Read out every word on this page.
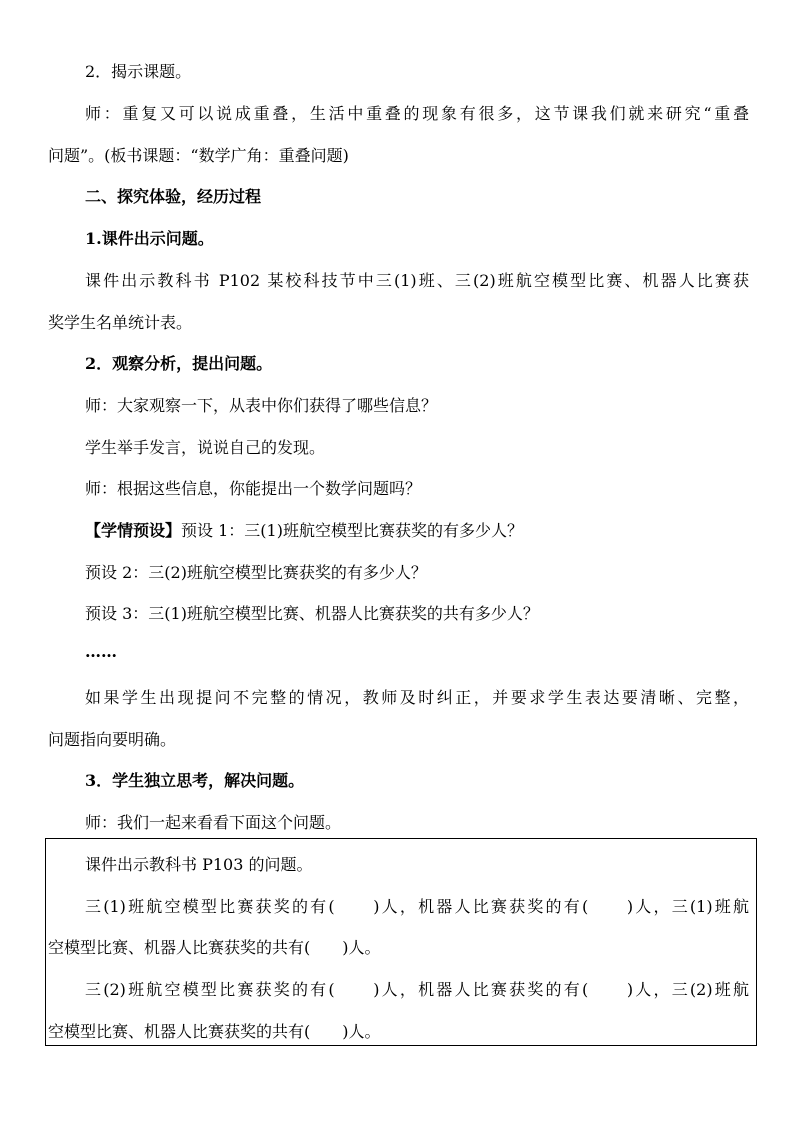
2．揭示课题。
师：重复又可以说成重叠，生活中重叠的现象有很多，这节课我们就来研究“重叠
问题”。(板书课题：“数学广角：重叠问题)
二、探究体验，经历过程
1.课件出示问题。
课件出示教科书 P102 某校科技节中三(1)班、三(2)班航空模型比赛、机器人比赛获
奖学生名单统计表。
2．观察分析，提出问题。
师：大家观察一下，从表中你们获得了哪些信息？
学生举手发言，说说自己的发现。
师：根据这些信息，你能提出一个数学问题吗？
【学情预设】预设 1：三(1)班航空模型比赛获奖的有多少人？
预设 2：三(2)班航空模型比赛获奖的有多少人？
预设 3：三(1)班航空模型比赛、机器人比赛获奖的共有多少人？
……
如果学生出现提问不完整的情况，教师及时纠正，并要求学生表达要清晰、完整，
问题指向要明确。
3．学生独立思考，解决问题。
师：我们一起来看看下面这个问题。
课件出示教科书 P103 的问题。
三(1)班航空模型比赛获奖的有(　　)人，机器人比赛获奖的有(　　)人，三(1)班航
空模型比赛、机器人比赛获奖的共有(　　)人。
三(2)班航空模型比赛获奖的有(　　)人，机器人比赛获奖的有(　　)人，三(2)班航
空模型比赛、机器人比赛获奖的共有(　　)人。
